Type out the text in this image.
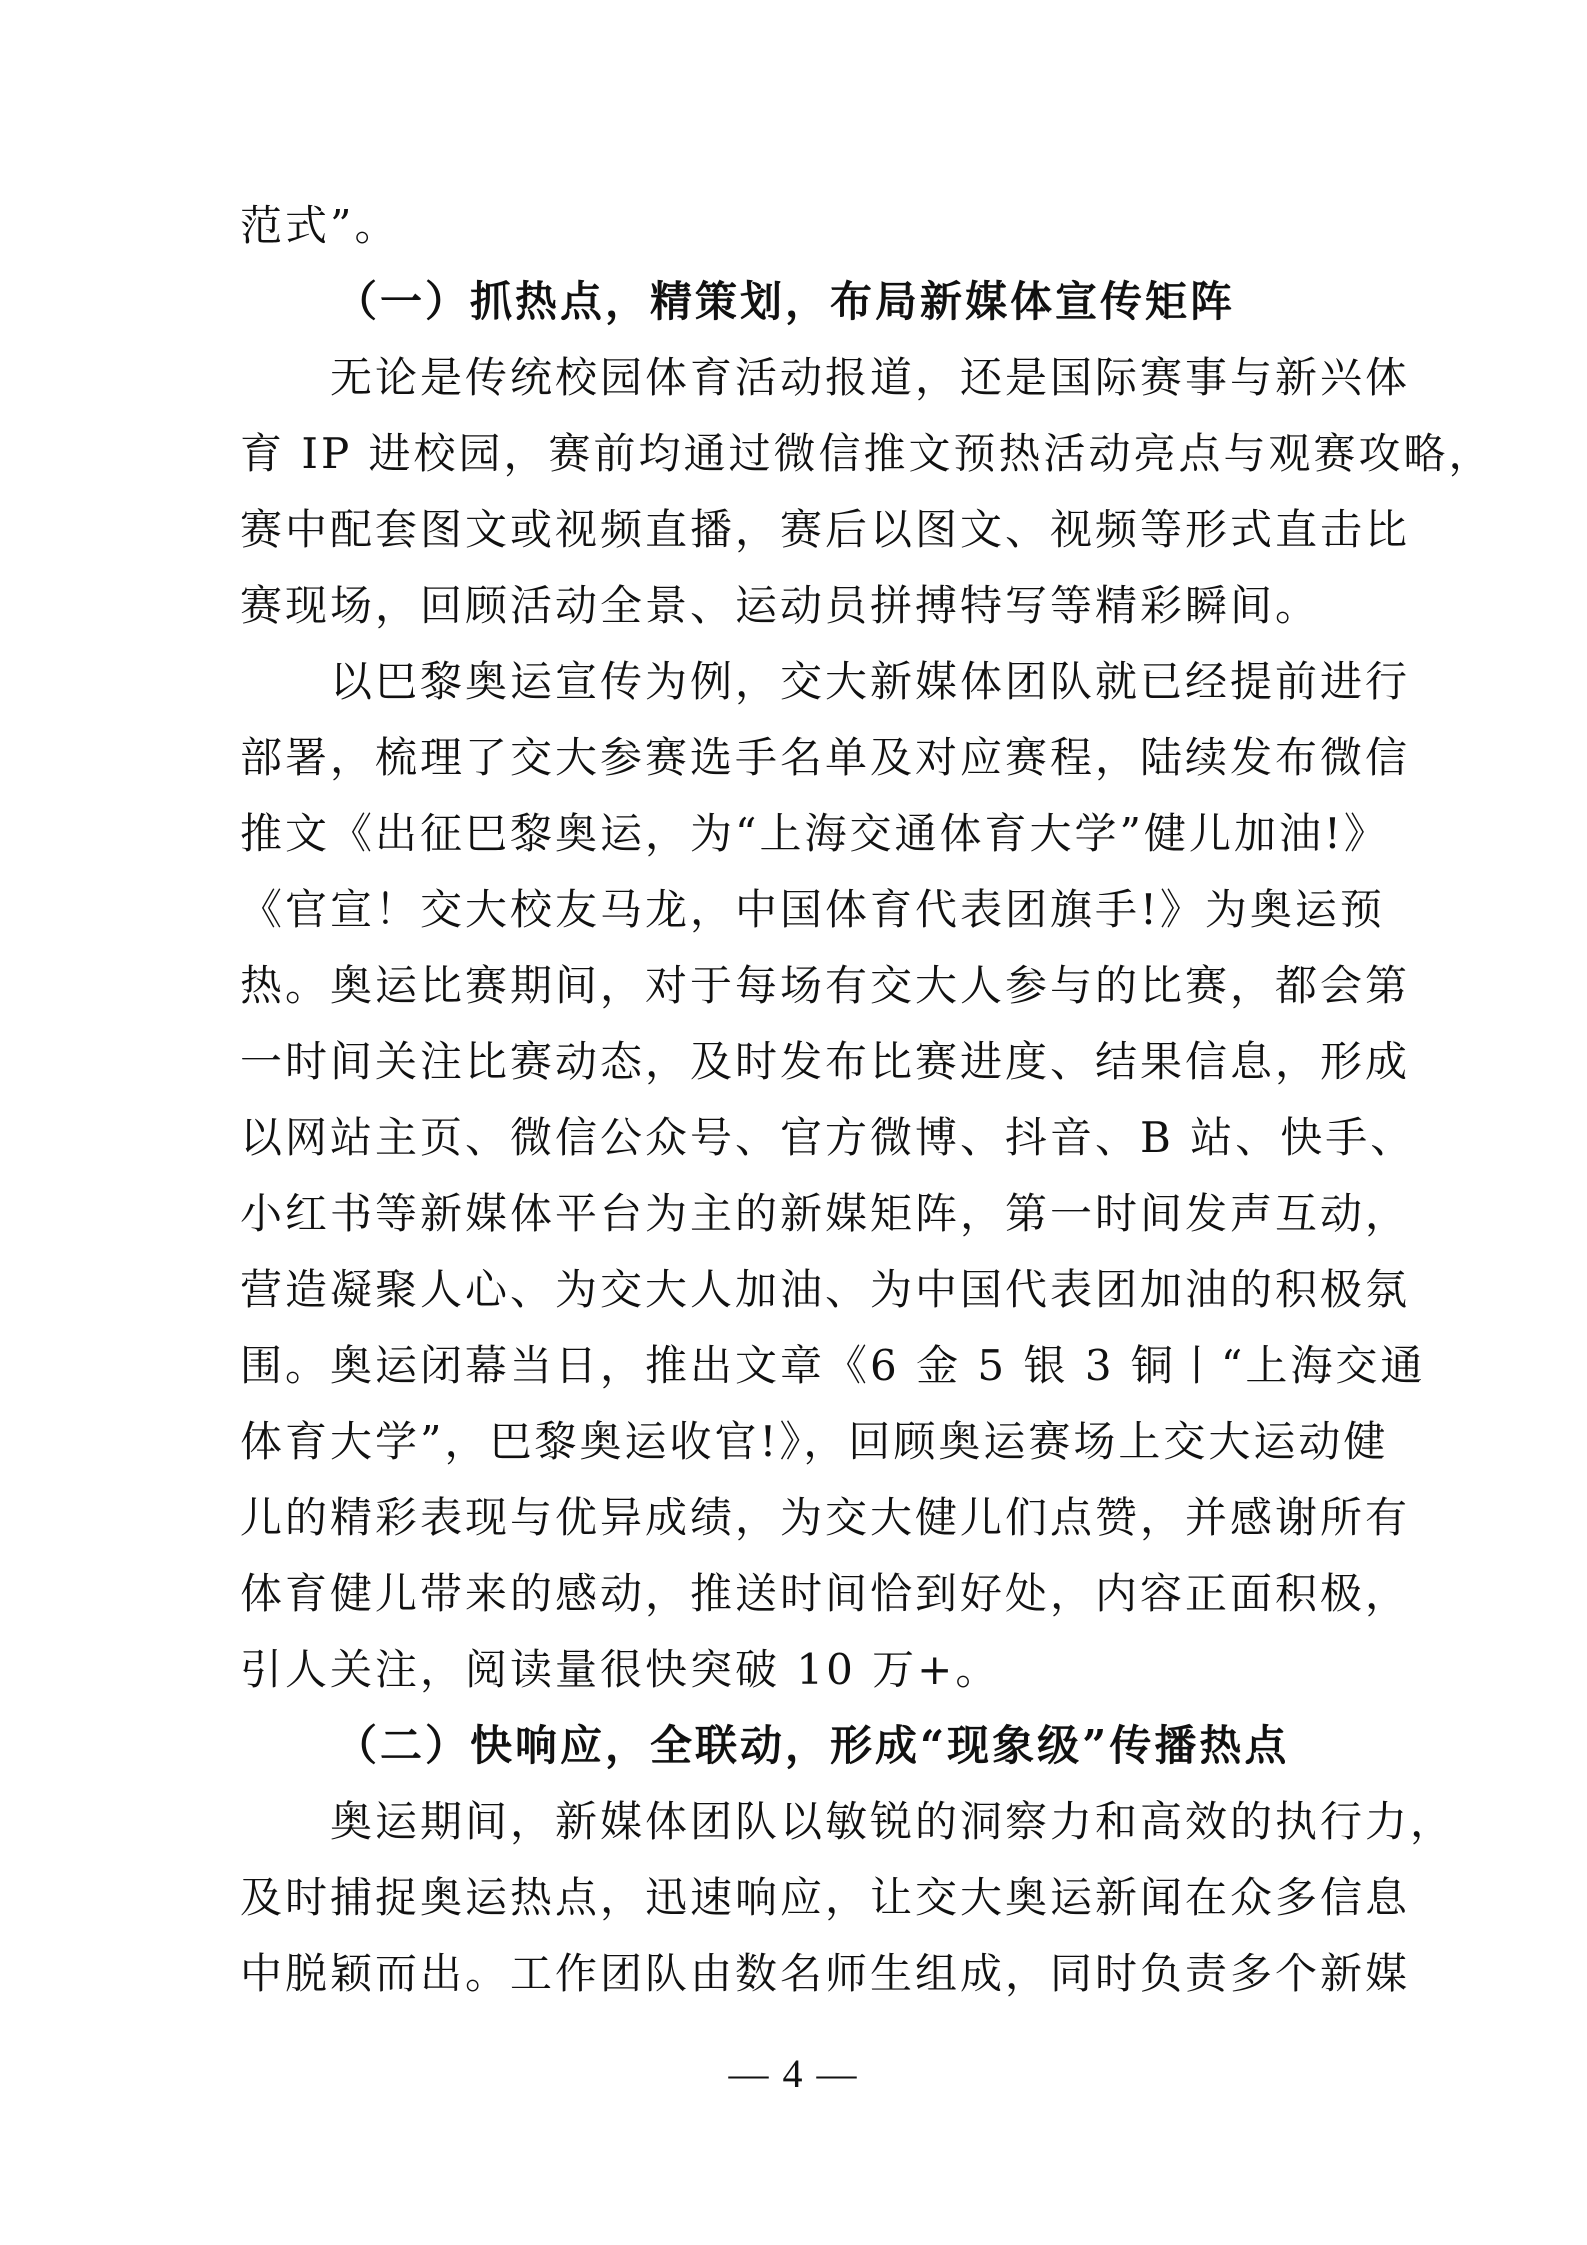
范式”。
（一）抓热点，精策划，布局新媒体宣传矩阵
无论是传统校园体育活动报道，还是国际赛事与新兴体
育 IP 进校园，赛前均通过微信推文预热活动亮点与观赛攻略，
赛中配套图文或视频直播，赛后以图文、视频等形式直击比
赛现场，回顾活动全景、运动员拼搏特写等精彩瞬间。
以巴黎奥运宣传为例，交大新媒体团队就已经提前进行
部署，梳理了交大参赛选手名单及对应赛程，陆续发布微信
推文《出征巴黎奥运，为“上海交通体育大学”健儿加油!》
《官宣！交大校友马龙，中国体育代表团旗手!》为奥运预
热。奥运比赛期间，对于每场有交大人参与的比赛，都会第
一时间关注比赛动态，及时发布比赛进度、结果信息，形成
以网站主页、微信公众号、官方微博、抖音、B 站、快手、
小红书等新媒体平台为主的新媒矩阵，第一时间发声互动，
营造凝聚人心、为交大人加油、为中国代表团加油的积极氛
围。奥运闭幕当日，推出文章《6 金 5 银 3 铜丨“上海交通
体育大学”，巴黎奥运收官!》，回顾奥运赛场上交大运动健
儿的精彩表现与优异成绩，为交大健儿们点赞，并感谢所有
体育健儿带来的感动，推送时间恰到好处，内容正面积极，
引人关注，阅读量很快突破 10 万+。
（二）快响应，全联动，形成“现象级”传播热点
奥运期间，新媒体团队以敏锐的洞察力和高效的执行力，
及时捕捉奥运热点，迅速响应，让交大奥运新闻在众多信息
中脱颖而出。工作团队由数名师生组成，同时负责多个新媒
— 4 —
